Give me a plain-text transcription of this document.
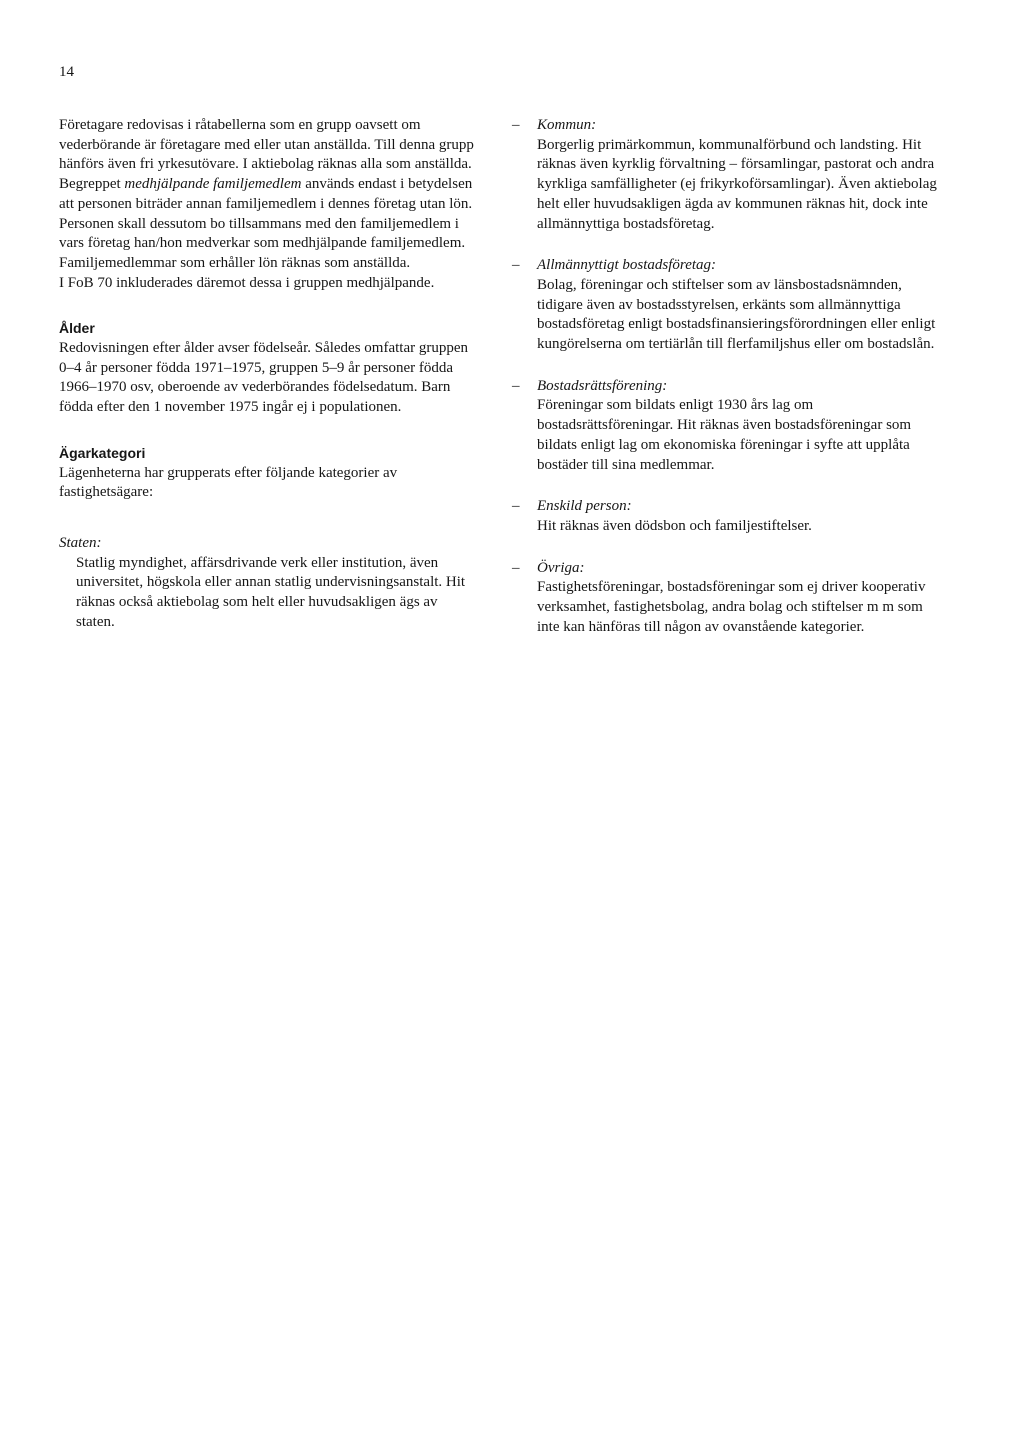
14

Företagare redovisas i råtabellerna som en grupp oavsett om vederbörande är företagare med eller utan anställda. Till denna grupp hänförs även fri yrkesutövare. I aktiebolag räknas alla som anställda.

Begreppet medhjälpande familjemedlem används endast i betydelsen att personen biträder annan familjemedlem i dennes företag utan lön. Personen skall dessutom bo tillsammans med den familjemedlem i vars företag han/hon medverkar som medhjälpande familjemedlem.

Familjemedlemmar som erhåller lön räknas som anställda.

I FoB 70 inkluderades däremot dessa i gruppen medhjälpande.

Ålder

Redovisningen efter ålder avser födelseår. Således omfattar gruppen 0–4 år personer födda 1971–1975, gruppen 5–9 år personer födda 1966–1970 osv, oberoende av vederbörandes födelsedatum. Barn födda efter den 1 november 1975 ingår ej i populationen.

Ägarkategori

Lägenheterna har grupperats efter följande kategorier av fastighetsägare:

Staten:

Statlig myndighet, affärsdrivande verk eller institution, även universitet, högskola eller annan statlig undervisningsanstalt. Hit räknas också aktiebolag som helt eller huvudsakligen ägs av staten.

– Kommun:

Borgerlig primärkommun, kommunalförbund och landsting. Hit räknas även kyrklig förvaltning – församlingar, pastorat och andra kyrkliga samfälligheter (ej frikyrkoförsamlingar). Även aktiebolag helt eller huvudsakligen ägda av kommunen räknas hit, dock inte allmännyttiga bostadsföretag.

– Allmännyttigt bostadsföretag:

Bolag, föreningar och stiftelser som av länsbostadsnämnden, tidigare även av bostadsstyrelsen, erkänts som allmännyttiga bostadsföretag enligt bostadsfinansieringsförordningen eller enligt kungörelserna om tertiärlån till flerfamiljshus eller om bostadslån.

– Bostadsrättsförening:

Föreningar som bildats enligt 1930 års lag om bostadsrättsföreningar. Hit räknas även bostadsföreningar som bildats enligt lag om ekonomiska föreningar i syfte att upplåta bostäder till sina medlemmar.

– Enskild person:

Hit räknas även dödsbon och familjestiftelser.

– Övriga:

Fastighetsföreningar, bostadsföreningar som ej driver kooperativ verksamhet, fastighetsbolag, andra bolag och stiftelser m m som inte kan hänföras till någon av ovanstående kategorier.
